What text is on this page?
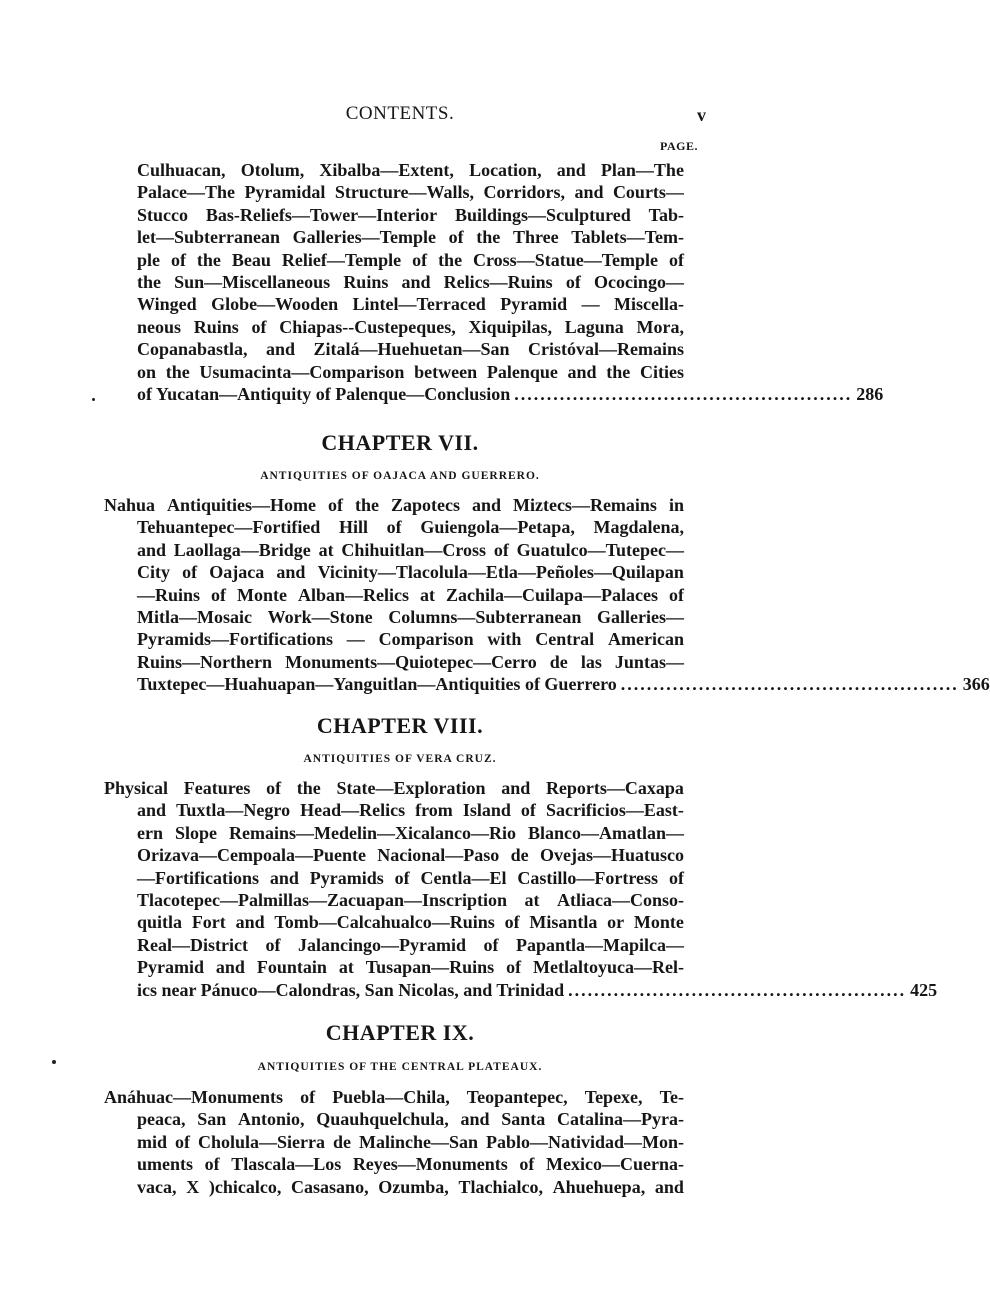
CONTENTS.	v
PAGE.
Culhuacan, Otolum, Xibalba—Extent, Location, and Plan—The
Palace—The Pyramidal Structure—Walls, Corridors, and Courts—
Stucco Bas-Reliefs—Tower—Interior Buildings—Sculptured Tab-
let—Subterranean Galleries—Temple of the Three Tablets—Tem-
ple of the Beau Relief—Temple of the Cross—Statue—Temple of
the Sun—Miscellaneous Ruins and Relics—Ruins of Ococingo—
Winged Globe—Wooden Lintel—Terraced Pyramid — Miscella-
neous Ruins of Chiapas--Custepeques, Xiquipilas, Laguna Mora,
Copanabastla, and Zitalá—Huehuetan—San Cristóval—Remains
on the Usumacinta—Comparison between Palenque and the Cities
of Yucatan—Antiquity of Palenque—Conclusion .................................................... 286
CHAPTER VII.
ANTIQUITIES OF OAJACA AND GUERRERO.
Nahua Antiquities—Home of the Zapotecs and Miztecs—Remains in
Tehuantepec—Fortified Hill of Guiengola—Petapa, Magdalena,
and Laollaga—Bridge at Chihuitlan—Cross of Guatulco—Tutepec—
City of Oajaca and Vicinity—Tlacolula—Etla—Peñoles—Quilapan
—Ruins of Monte Alban—Relics at Zachila—Cuilapa—Palaces of
Mitla—Mosaic Work—Stone Columns—Subterranean Galleries—
Pyramids—Fortifications — Comparison with Central American
Ruins—Northern Monuments—Quiotepec—Cerro de las Juntas—
Tuxtepec—Huahuapan—Yanguitlan—Antiquities of Guerrero .................................................... 366
CHAPTER VIII.
ANTIQUITIES OF VERA CRUZ.
Physical Features of the State—Exploration and Reports—Caxapa
and Tuxtla—Negro Head—Relics from Island of Sacrificios—East-
ern Slope Remains—Medelin—Xicalanco—Rio Blanco—Amatlan—
Orizava—Cempoala—Puente Nacional—Paso de Ovejas—Huatusco
—Fortifications and Pyramids of Centla—El Castillo—Fortress of
Tlacotepec—Palmillas—Zacuapan—Inscription at Atliaca—Conso-
quitla Fort and Tomb—Calcahualco—Ruins of Misantla or Monte
Real—District of Jalancingo—Pyramid of Papantla—Mapilca—
Pyramid and Fountain at Tusapan—Ruins of Metlaltoyuca—Rel-
ics near Pánuco—Calondras, San Nicolas, and Trinidad .................................................... 425
CHAPTER IX.
ANTIQUITIES OF THE CENTRAL PLATEAUX.
Anáhuac—Monuments of Puebla—Chila, Teopantepec, Tepexe, Te-
peaca, San Antonio, Quauhquelchula, and Santa Catalina—Pyra-
mid of Cholula—Sierra de Malinche—San Pablo—Natividad—Mon-
uments of Tlascala—Los Reyes—Monuments of Mexico—Cuerna-
vaca, X )chicalco, Casasano, Ozumba, Tlachialco, Ahuehuepa, and
